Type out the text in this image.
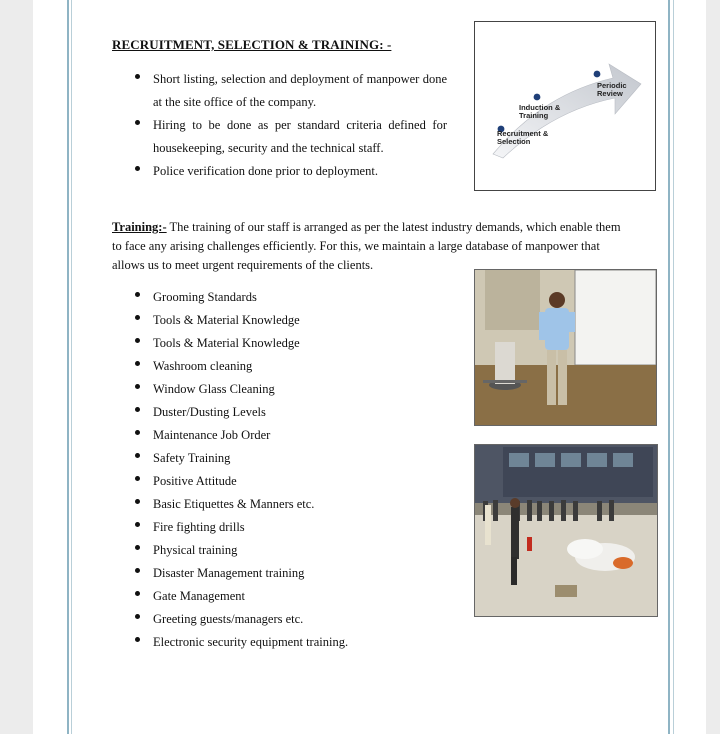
RECRUITMENT, SELECTION & TRAINING: -
Short listing, selection and deployment of manpower done at the site office of the company.
Hiring to be done as per standard criteria defined for housekeeping, security and the technical staff.
Police verification done prior to deployment.
Recruitment & Selection
Induction & Training
Periodic Review
Training:- The training of our staff is arranged as per the latest industry demands, which enable them to face any arising challenges efficiently. For this, we maintain a large database of manpower that allows us to meet urgent requirements of the clients.
Grooming Standards
Tools & Material Knowledge
Tools & Material Knowledge
Washroom cleaning
Window Glass Cleaning
Duster/Dusting Levels
Maintenance Job Order
Safety Training
Positive Attitude
Basic Etiquettes & Manners etc.
Fire fighting drills
Physical training
Disaster Management training
Gate Management
Greeting guests/managers etc.
Electronic security equipment training.
